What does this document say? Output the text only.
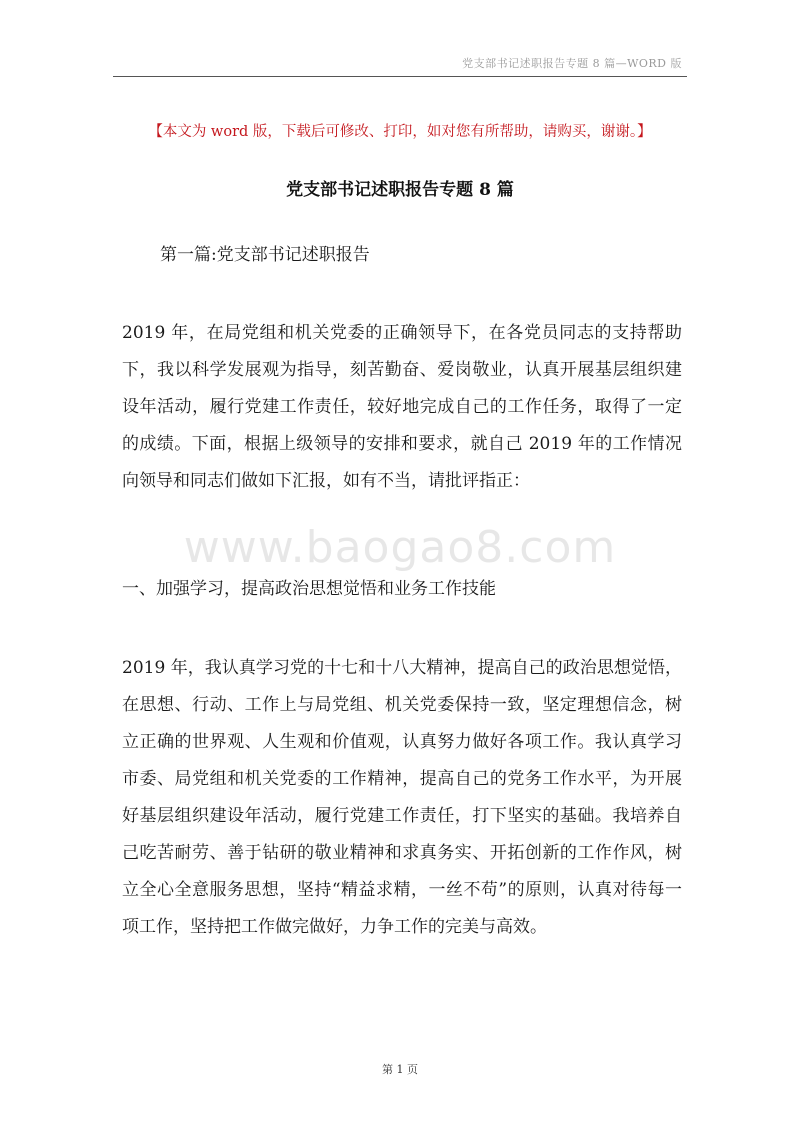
党支部书记述职报告专题 8 篇—WORD 版
【本文为 word 版，下载后可修改、打印，如对您有所帮助，请购买，谢谢。】
党支部书记述职报告专题 8 篇
第一篇:党支部书记述职报告

2019 年，在局党组和机关党委的正确领导下，在各党员同志的支持帮助下，我以科学发展观为指导，刻苦勤奋、爱岗敬业，认真开展基层组织建设年活动，履行党建工作责任，较好地完成自己的工作任务，取得了一定的成绩。下面，根据上级领导的安排和要求，就自己 2019 年的工作情况向领导和同志们做如下汇报，如有不当，请批评指正：

www.baogao8.com
一、加强学习，提高政治思想觉悟和业务工作技能

2019 年，我认真学习党的十七和十八大精神，提高自己的政治思想觉悟，在思想、行动、工作上与局党组、机关党委保持一致，坚定理想信念，树立正确的世界观、人生观和价值观，认真努力做好各项工作。我认真学习市委、局党组和机关党委的工作精神，提高自己的党务工作水平，为开展好基层组织建设年活动，履行党建工作责任，打下坚实的基础。我培养自己吃苦耐劳、善于钻研的敬业精神和求真务实、开拓创新的工作作风，树立全心全意服务思想，坚持“精益求精，一丝不苟”的原则，认真对待每一项工作，坚持把工作做完做好，力争工作的完美与高效。

第 1 页
